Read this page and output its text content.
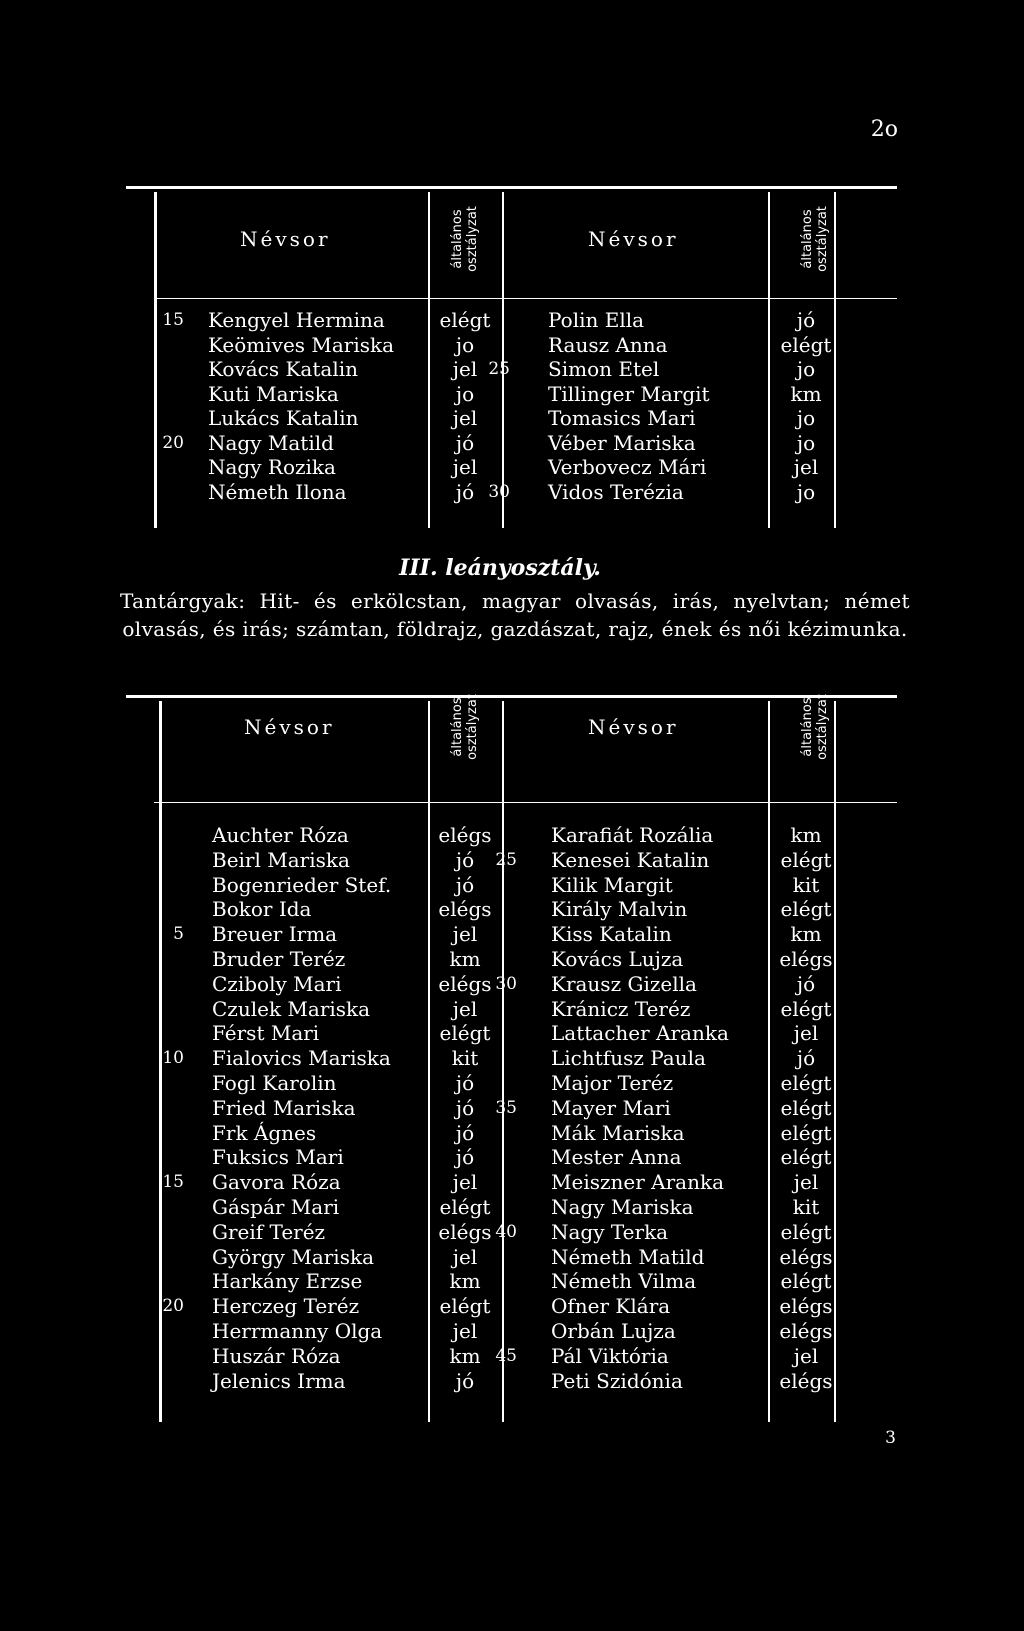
2o
Névsor	általános osztályzat	Névsor	általános osztályzat
15 Kengyel Hermina	elégt	Polin Ella	jó
Keömives Mariska	jo	Rausz Anna	elégt
Kovács Katalin	jel 25 Simon Etel	jo
Kuti Mariska	jo	Tillinger Margit	km
Lukács Katalin	jel	Tomasics Mari	jo
20 Nagy Matild	jó	Véber Mariska	jo
Nagy Rozika	jel	Verbovecz Mári	jel
Németh Ilona	jó 30 Vidos Terézia	jo
III. leányosztály.
Tantárgyak: Hit- és erkölcstan, magyar olvasás, irás, nyelvtan; német olvasás, és irás; számtan, földrajz, gazdászat, rajz, ének és női kézimunka.
Névsor	általános osztályzat	Névsor	általános osztályzat
Auchter Róza	elégs	Karafiát Rozália	km
Beirl Mariska	jó	25 Kenesei Katalin	elégt
Bogenrieder Stef.	jó	Kilik Margit	kit
Bokor Ida	elégs	Király Malvin	elégt
5 Breuer Irma	jel	Kiss Katalin	km
Bruder Teréz	km	Kovács Lujza	elégs
Cziboly Mari	elégs 30 Krausz Gizella	jó
Czulek Mariska	jel	Kránicz Teréz	elégt
Férst Mari	elégt	Lattacher Aranka	jel
10 Fialovics Mariska	kit	Lichtfusz Paula	jó
Fogl Karolin	jó	Major Teréz	elégt
Fried Mariska	jó	35 Mayer Mari	elégt
Frk Ágnes	jó	Mák Mariska	elégt
Fuksics Mari	jó	Mester Anna	elégt
15 Gavora Róza	jel	Meiszner Aranka	jel
Gáspár Mari	elégt	Nagy Mariska	kit
Greif Teréz	elégs 40 Nagy Terka	elégt
György Mariska	jel	Németh Matild	elégs
Harkány Erzse	km	Németh Vilma	elégt
20 Herczeg Teréz	elégt	Ofner Klára	elégs
Herrmanny Olga	jel	Orbán Lujza	elégs
Huszár Róza	km 45 Pál Viktória	jel
Jelenics Irma	jó	Peti Szidónia	elégs
3
